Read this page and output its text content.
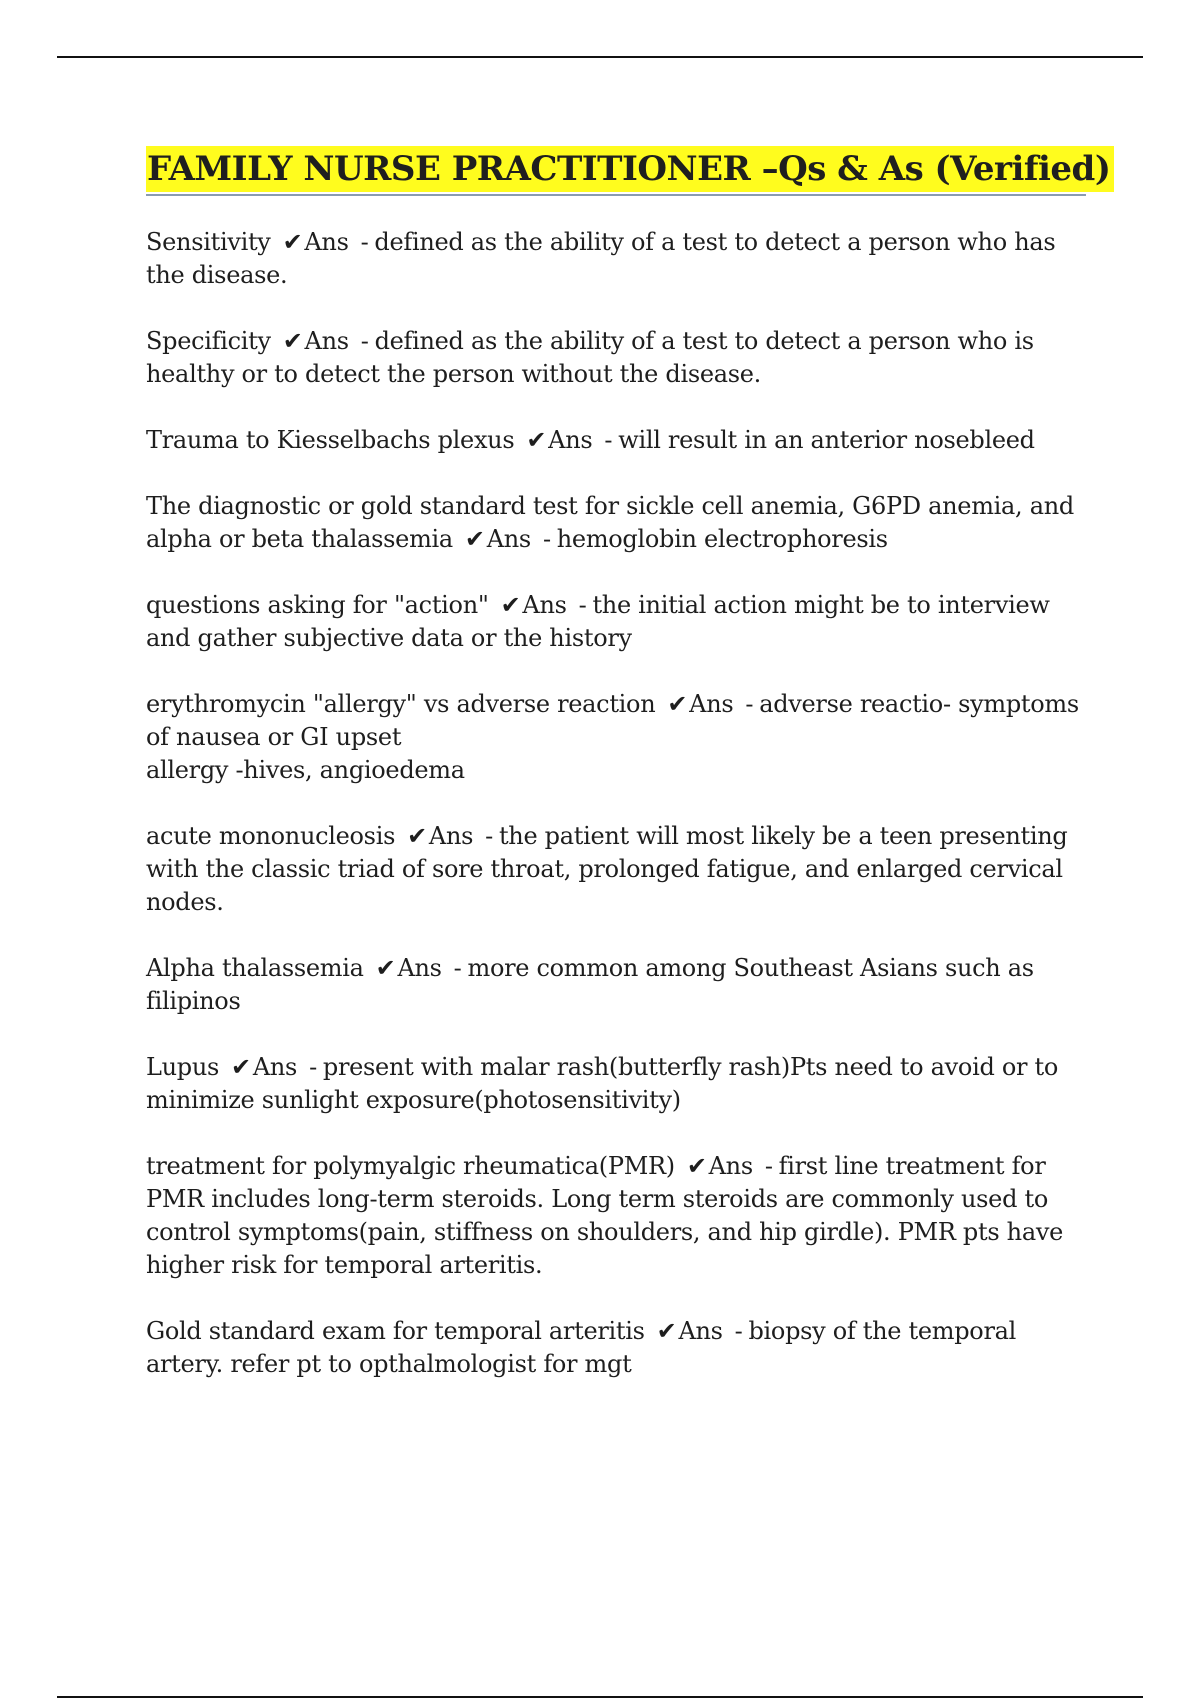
FAMILY NURSE PRACTITIONER –Qs & As (Verified)

Sensitivity ✔Ans - defined as the ability of a test to detect a person who has the disease.

Specificity ✔Ans - defined as the ability of a test to detect a person who is healthy or to detect the person without the disease.

Trauma to Kiesselbachs plexus ✔Ans - will result in an anterior nosebleed

The diagnostic or gold standard test for sickle cell anemia, G6PD anemia, and alpha or beta thalassemia ✔Ans - hemoglobin electrophoresis

questions asking for "action" ✔Ans - the initial action might be to interview and gather subjective data or the history

erythromycin "allergy" vs adverse reaction ✔Ans - adverse reactio- symptoms of nausea or GI upset
allergy -hives, angioedema

acute mononucleosis ✔Ans - the patient will most likely be a teen presenting with the classic triad of sore throat, prolonged fatigue, and enlarged cervical nodes.

Alpha thalassemia ✔Ans - more common among Southeast Asians such as filipinos

Lupus ✔Ans - present with malar rash(butterfly rash)Pts need to avoid or to minimize sunlight exposure(photosensitivity)

treatment for polymyalgic rheumatica(PMR) ✔Ans - first line treatment for PMR includes long-term steroids. Long term steroids are commonly used to control symptoms(pain, stiffness on shoulders, and hip girdle). PMR pts have higher risk for temporal arteritis.

Gold standard exam for temporal arteritis ✔Ans - biopsy of the temporal artery. refer pt to opthalmologist for mgt
